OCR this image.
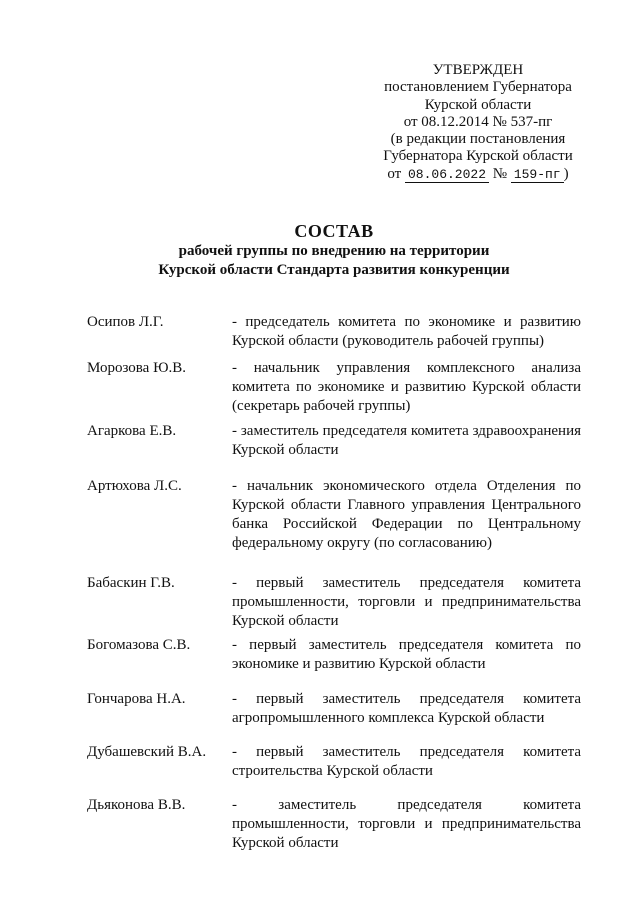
УТВЕРЖДЕН
постановлением Губернатора
Курской области
от 08.12.2014 № 537-пг
(в редакции постановления
Губернатора Курской области
от 08.06.2022 № 159-пг )
СОСТАВ
рабочей группы по внедрению на территории
Курской области Стандарта развития конкуренции
Осипов Л.Г.	- председатель комитета по экономике и развитию Курской области (руководитель рабочей группы)
Морозова Ю.В.	- начальник управления комплексного анализа комитета по экономике и развитию Курской области (секретарь рабочей группы)
Агаркова Е.В.	- заместитель председателя комитета здравоохранения Курской области
Артюхова Л.С.	- начальник экономического отдела Отделения по Курской области Главного управления Центрального банка Российской Федерации по Центральному федеральному округу (по согласованию)
Бабаскин Г.В.	- первый заместитель председателя комитета промышленности, торговли и предпринимательства Курской области
Богомазова С.В.	- первый заместитель председателя комитета по экономике и развитию Курской области
Гончарова Н.А.	- первый заместитель председателя комитета агропромышленного комплекса Курской области
Дубашевский В.А. - первый заместитель председателя комитета строительства Курской области
Дьяконова В.В.	- заместитель председателя комитета промышленности, торговли и предпринимательства Курской области
